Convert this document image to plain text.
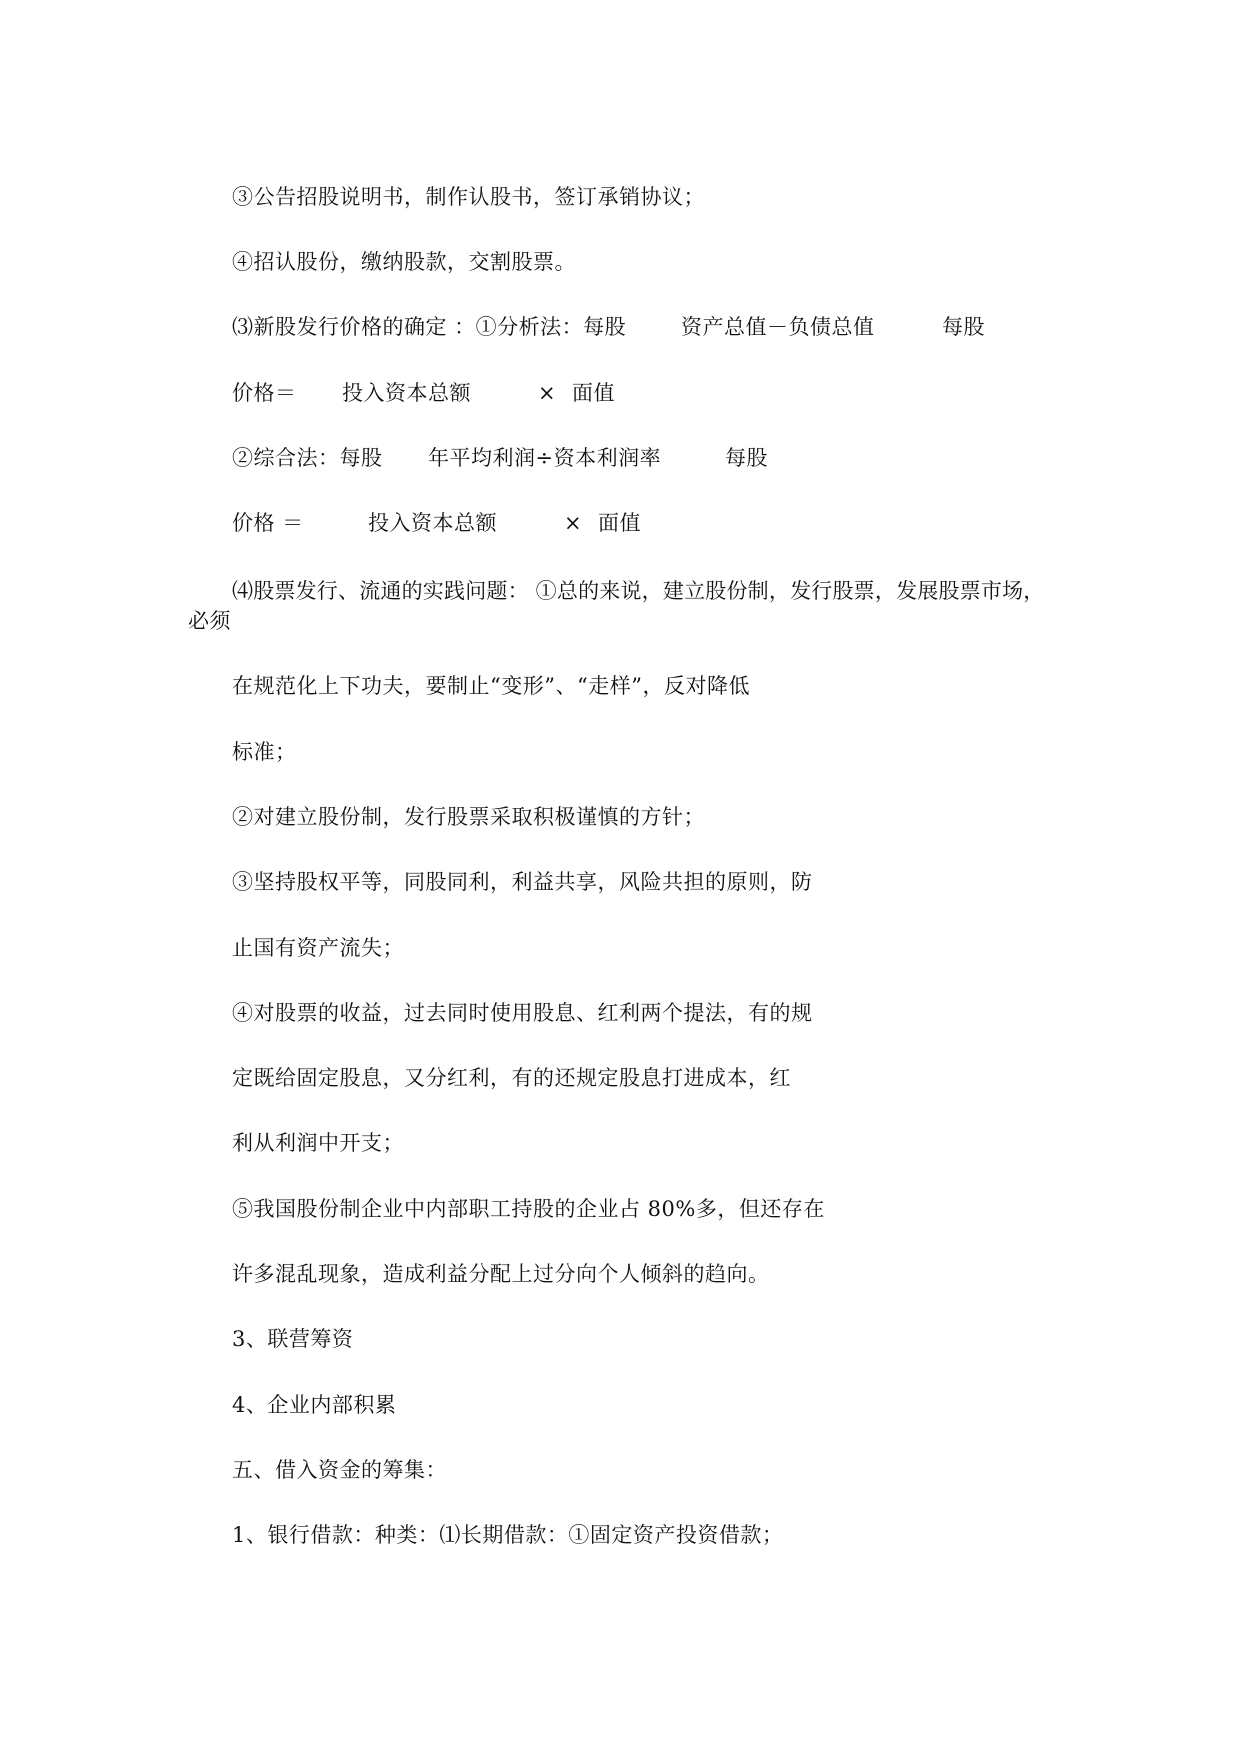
③公告招股说明书，制作认股书，签订承销协议；
④招认股份，缴纳股款，交割股票。
⑶新股发行价格的确定 ：①分析法：每股	资产总值－负债总值	每股
价格＝ 投入资本总额	× 面值
②综合法：每股 年平均利润÷资本利润率	每股
价格 ＝	投入资本总额	× 面值
⑷股票发行、流通的实践问题： ①总的来说，建立股份制，发行股票，发展股票市场，
必须
在规范化上下功夫，要制止“变形”、“走样”，反对降低
标准；
②对建立股份制，发行股票采取积极谨慎的方针；
③坚持股权平等，同股同利，利益共享，风险共担的原则，防
止国有资产流失；
④对股票的收益，过去同时使用股息、红利两个提法，有的规
定既给固定股息，又分红利，有的还规定股息打进成本，红
利从利润中开支；
⑤我国股份制企业中内部职工持股的企业占 80%多，但还存在
许多混乱现象，造成利益分配上过分向个人倾斜的趋向。
3、联营筹资
4、企业内部积累
五、借入资金的筹集：
1、银行借款：种类：⑴长期借款：①固定资产投资借款；
